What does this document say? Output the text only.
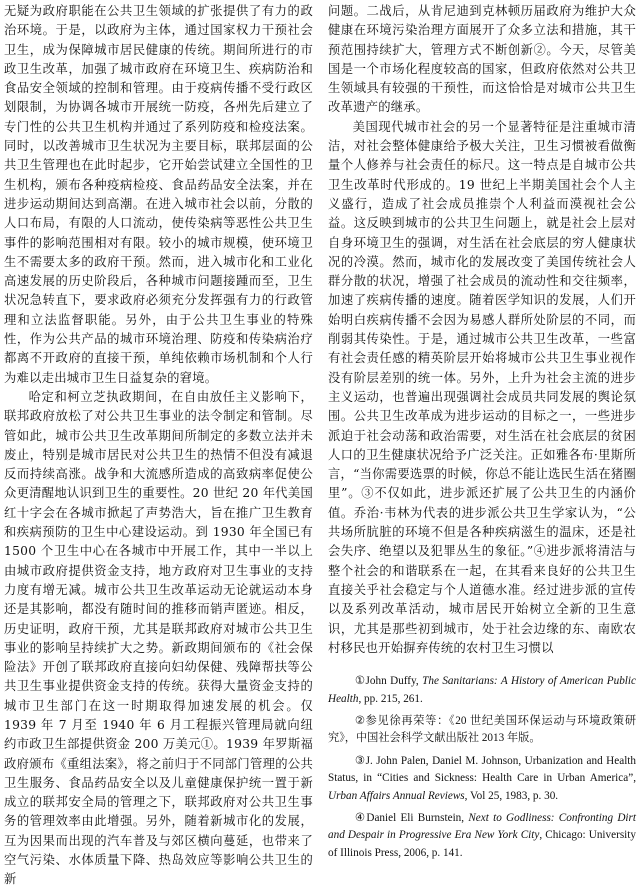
无疑为政府职能在公共卫生领域的扩张提供了有力的政治环境。于是，以政府为主体，通过国家权力干预社会卫生，成为保障城市居民健康的传统。期间所进行的市政卫生改革，加强了城市政府在环境卫生、疾病防治和食品安全领域的控制和管理。由于疫病传播不受行政区划限制，为协调各城市开展统一防疫，各州先后建立了专门性的公共卫生机构并通过了系列防疫和检疫法案。同时，以改善城市卫生状况为主要目标，联邦层面的公共卫生管理也在此时起步，它开始尝试建立全国性的卫生机构，颁布各种疫病检疫、食品药品安全法案，并在进步运动期间达到高潮。在进入城市社会以前，分散的人口布局，有限的人口流动，使传染病等恶性公共卫生事件的影响范围相对有限。较小的城市规模，使环境卫生不需要太多的政府干预。然而，进入城市化和工业化高速发展的历史阶段后，各种城市问题接踵而至，卫生状况急转直下，要求政府必须充分发挥强有力的行政管理和立法监督职能。另外，由于公共卫生事业的特殊性，作为公共产品的城市环境治理、防疫和传染病治疗都离不开政府的直接干预，单纯依赖市场机制和个人行为难以走出城市卫生日益复杂的窘境。

哈定和柯立芝执政期间，在自由放任主义影响下，联邦政府放松了对公共卫生事业的法令制定和管制。尽管如此，城市公共卫生改革期间所制定的多数立法并未废止，特别是城市居民对公共卫生的热情不但没有减退反而持续高涨。战争和大流感所造成的高致病率促使公众更清醒地认识到卫生的重要性。20 世纪 20 年代美国红十字会在各城市掀起了声势浩大，旨在推广卫生教育和疾病预防的卫生中心建设运动。到 1930 年全国已有 1500 个卫生中心在各城市中开展工作，其中一半以上由城市政府提供资金支持，地方政府对卫生事业的支持力度有增无减。城市公共卫生改革运动无论就运动本身还是其影响，都没有随时间的推移而销声匿迹。相反，历史证明，政府干预，尤其是联邦政府对城市公共卫生事业的影响呈持续扩大之势。新政期间颁布的《社会保险法》开创了联邦政府直接向妇幼保健、残障帮扶等公共卫生事业提供资金支持的传统。获得大量资金支持的城市卫生部门在这一时期取得加速发展的机会。仅 1939 年 7 月至 1940 年 6 月工程振兴管理局就向纽约市政卫生部提供资金 200 万美元①。1939 年罗斯福政府颁布《重组法案》，将之前归于不同部门管理的公共卫生服务、食品药品安全以及儿童健康保护统一置于新成立的联邦安全局的管理之下，联邦政府对公共卫生事务的管理效率由此增强。另外，随着新城市化的发展，互为因果而出现的汽车普及与郊区横向蔓延，也带来了空气污染、水体质量下降、热岛效应等影响公共卫生的新

问题。二战后，从肯尼迪到克林顿历届政府为维护大众健康在环境污染治理方面展开了众多立法和措施，其干预范围持续扩大，管理方式不断创新②。今天，尽管美国是一个市场化程度较高的国家，但政府依然对公共卫生领域具有较强的干预性，而这恰恰是对城市公共卫生改革遗产的继承。

美国现代城市社会的另一个显著特征是注重城市清洁，对社会整体健康给予极大关注，卫生习惯被看做衡量个人修养与社会责任的标尺。这一特点是自城市公共卫生改革时代形成的。19 世纪上半期美国社会个人主义盛行，造成了社会成员推崇个人利益而漠视社会公益。这反映到城市的公共卫生问题上，就是社会上层对自身环境卫生的强调，对生活在社会底层的穷人健康状况的冷漠。然而，城市化的发展改变了美国传统社会人群分散的状况，增强了社会成员的流动性和交往频率，加速了疾病传播的速度。随着医学知识的发展，人们开始明白疾病传播不会因为易感人群所处阶层的不同，而削弱其传染性。于是，通过城市公共卫生改革，一些富有社会责任感的精英阶层开始将城市公共卫生事业视作没有阶层差别的统一体。另外，上升为社会主流的进步主义运动，也普遍出现强调社会成员共同发展的舆论氛围。公共卫生改革成为进步运动的目标之一，一些进步派迫于社会动荡和政治需要，对生活在社会底层的贫困人口的卫生健康状况给予广泛关注。正如雅各布·里斯所言，“当你需要选票的时候，你总不能让选民生活在猪圈里”。③不仅如此，进步派还扩展了公共卫生的内涵价值。乔治·韦林为代表的进步派公共卫生学家认为，“公共场所肮脏的环境不但是各种疾病滋生的温床，还是社会失序、绝望以及犯罪丛生的象征。”④进步派将清洁与整个社会的和谐联系在一起，在其看来良好的公共卫生直接关乎社会稳定与个人道德水准。经过进步派的宣传以及系列改革活动，城市居民开始树立全新的卫生意识，尤其是那些初到城市，处于社会边缘的东、南欧农村移民也开始摒弃传统的农村卫生习惯以

①John Duffy, The Sanitarians: A History of American Public Health, pp. 215, 261.

②参见徐再荣等：《20 世纪美国环保运动与环境政策研究》，中国社会科学文献出版社 2013 年版。

③J. John Palen, Daniel M. Johnson, Urbanization and Health Status, in “Cities and Sickness: Health Care in Urban America”, Urban Affairs Annual Reviews, Vol 25, 1983, p. 30.

④Daniel Eli Burnstein, Next to Godliness: Confronting Dirt and Despair in Progressive Era New York City, Chicago: University of Illinois Press, 2006, p. 141.
